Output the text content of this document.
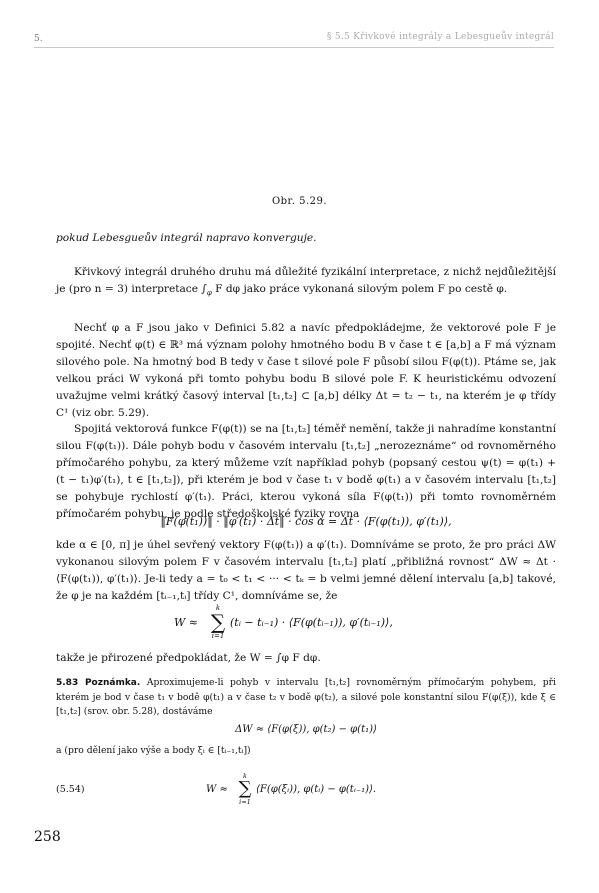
5.	§ 5.5 Křivkové integrály a Lebesgueův integrál
Obr. 5.29.

pokud Lebesgueův integrál napravo konverguje.

Křivkový integrál druhého druhu má důležité fyzikální interpretace, z nichž nejdůležitější je (pro n = 3) interpretace $\int_\varphi$ F dφ jako práce vykonaná silovým polem F po cestě φ.

Nechť φ a F jsou jako v Definici 5.82 a navíc předpokládejme, že vektorové pole F je spojité. Nechť φ(t) ∈ ℝ³ má význam polohy hmotného bodu B v čase t ∈ [a,b] a F má význam silového pole. Na hmotný bod B tedy v čase t silové pole F působí silou F(φ(t)). Ptáme se, jak velkou práci W vykoná při tomto pohybu bodu B silové pole F. K heuristickému odvození uvažujme velmi krátký časový interval [t₁,t₂] ⊂ [a,b] délky Δt = t₂ − t₁, na kterém je φ třídy C¹ (viz obr. 5.29).

Spojitá vektorová funkce F(φ(t)) se na [t₁,t₂] téměř nemění, takže ji nahradíme konstantní silou F(φ(t₁)). Dále pohyb bodu v časovém intervalu [t₁,t₂] „nerozeznáme“ od rovnoměrného přímočarého pohybu, za který můžeme vzít například pohyb (popsaný cestou ψ(t) = φ(t₁) + (t − t₁)φ′(t₁), t ∈ [t₁,t₂]), při kterém je bod v čase t₁ v bodě φ(t₁) a v časovém intervalu [t₁,t₂] se pohybuje rychlostí φ′(t₁). Práci, kterou vykoná síla F(φ(t₁)) při tomto rovnoměrném přímočarém pohybu, je podle středoškolské fyziky rovna

‖F(φ(t₁))‖ · ‖φ′(t₁) · Δt‖ · cos α = Δt · ⟨F(φ(t₁)), φ′(t₁)⟩,

kde α ∈ [0, π] je úhel sevřený vektory F(φ(t₁)) a φ′(t₁). Domníváme se proto, že pro práci ΔW vykonanou silovým polem F v časovém intervalu [t₁,t₂] platí „přibližná rovnost“ ΔW ≈ Δt · ⟨F(φ(t₁)), φ′(t₁)⟩. Je-li tedy a = t₀ < t₁ < ··· < tₖ = b velmi jemné dělení intervalu [a,b] takové, že φ je na každém [tᵢ₋₁,tᵢ] třídy C¹, domníváme se, že

W ≈
k
∑
i=1
(tᵢ − tᵢ₋₁) · ⟨F(φ(tᵢ₋₁)), φ′(tᵢ₋₁)⟩,

takže je přirozené předpokládat, že W = ∫φ F dφ.

5.83 Poznámka. Aproximujeme-li pohyb v intervalu [t₁,t₂] rovnoměrným přímočarým pohybem, při kterém je bod v čase t₁ v bodě φ(t₁) a v čase t₂ v bodě φ(t₂), a silové pole konstantní silou F(φ(ξ)), kde ξ ∈ [t₁,t₂] (srov. obr. 5.28), dostáváme

ΔW ≈ ⟨F(φ(ξ)), φ(t₂) − φ(t₁)⟩

a (pro dělení jako výše a body ξᵢ ∈ [tᵢ₋₁,tᵢ])

(5.54)	W ≈
k
∑
i=1
⟨F(φ(ξᵢ)), φ(tᵢ) − φ(tᵢ₋₁)⟩.
258
